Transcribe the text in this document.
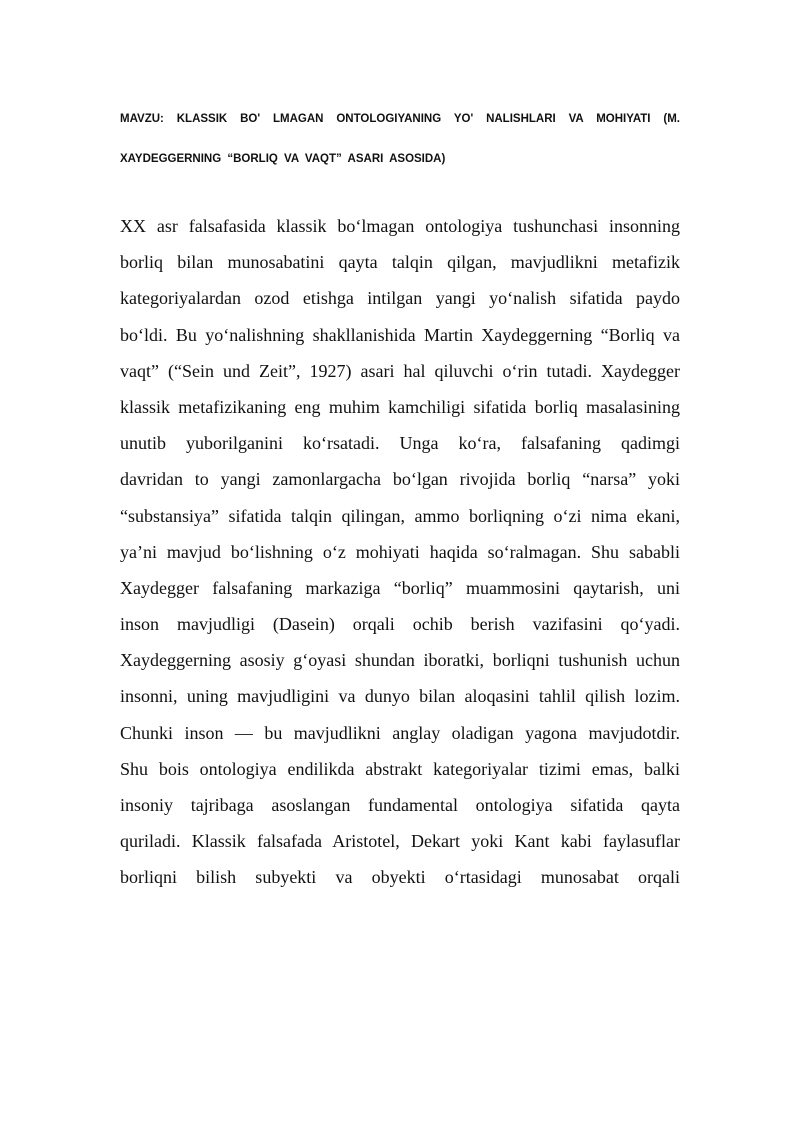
MAVZU: KLASSIK BO' LMAGAN ONTOLOGIYANING YO' NALISHLARI VA MOHIYATI (M.
XAYDEGGERNING “BORLIQ VA VAQT” ASARI ASOSIDA)
XX asr falsafasida klassik bo‘lmagan ontologiya tushunchasi insonning
borliq bilan munosabatini qayta talqin qilgan, mavjudlikni metafizik
kategoriyalardan ozod etishga intilgan yangi yo‘nalish sifatida paydo
bo‘ldi. Bu yo‘nalishning shakllanishida Martin Xaydeggerning “Borliq va
vaqt” (“Sein und Zeit”, 1927) asari hal qiluvchi o‘rin tutadi. Xaydegger
klassik metafizikaning eng muhim kamchiligi sifatida borliq masalasining
unutib yuborilganini ko‘rsatadi. Unga ko‘ra, falsafaning qadimgi
davridan to yangi zamonlargacha bo‘lgan rivojida borliq “narsa” yoki
“substansiya” sifatida talqin qilingan, ammo borliqning o‘zi nima ekani,
ya’ni mavjud bo‘lishning o‘z mohiyati haqida so‘ralmagan. Shu sababli
Xaydegger falsafaning markaziga “borliq” muammosini qaytarish, uni
inson mavjudligi (Dasein) orqali ochib berish vazifasini qo‘yadi.
Xaydeggerning asosiy g‘oyasi shundan iboratki, borliqni tushunish uchun
insonni, uning mavjudligini va dunyo bilan aloqasini tahlil qilish lozim.
Chunki inson — bu mavjudlikni anglay oladigan yagona mavjudotdir.
Shu bois ontologiya endilikda abstrakt kategoriyalar tizimi emas, balki
insoniy tajribaga asoslangan fundamental ontologiya sifatida qayta
quriladi. Klassik falsafada Aristotel, Dekart yoki Kant kabi faylasuflar
borliqni bilish subyekti va obyekti o‘rtasidagi munosabat orqali
